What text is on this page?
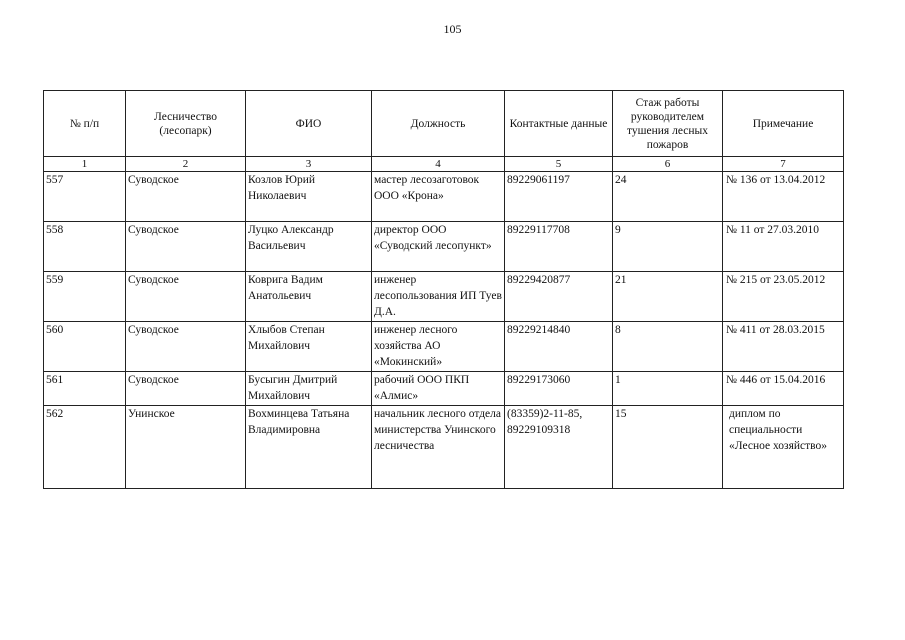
105
№ п/п	Лесничество (лесопарк)	ФИО	Должность	Контактные данные	Стаж работы руководителем тушения лесных пожаров	Примечание
1	2	3	4	5	6	7
557	Суводское	Козлов Юрий Николаевич	мастер лесозаготовок ООО «Крона»	89229061197	24	№ 136 от 13.04.2012
558	Суводское	Луцко Александр Васильевич	директор ООО «Суводский лесопункт»	89229117708	9	№ 11 от 27.03.2010
559	Суводское	Коврига Вадим Анатольевич	инженер лесопользования ИП Туев Д.А.	89229420877	21	№ 215 от 23.05.2012
560	Суводское	Хлыбов Степан Михайлович	инженер лесного хозяйства АО «Мокинский»	89229214840	8	№ 411 от 28.03.2015
561	Суводское	Бусыгин Дмитрий Михайлович	рабочий ООО ПКП «Алмис»	89229173060	1	№ 446 от 15.04.2016
562	Унинское	Вохминцева Татьяна Владимировна	начальник лесного отдела министерства Унинского лесничества	(83359)2-11-85, 89229109318	15	диплом по специальности «Лесное хозяйство»
